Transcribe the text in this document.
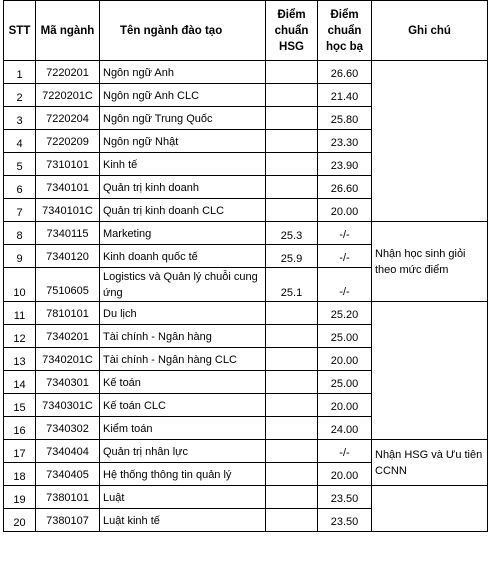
STT	Mã ngành	Tên ngành đào tạo	Điểm chuẩn HSG	Điểm chuẩn học bạ	Ghi chú
1	7220201	Ngôn ngữ Anh		26.60	
2	7220201C	Ngôn ngữ Anh CLC		21.40	
3	7220204	Ngôn ngữ Trung Quốc		25.80	
4	7220209	Ngôn ngữ Nhật		23.30	
5	7310101	Kinh tế		23.90	
6	7340101	Quản trị kinh doanh		26.60	
7	7340101C	Quản trị kinh doanh CLC		20.00	
8	7340115	Marketing	25.3	-/-	Nhận học sinh giỏi theo mức điểm
9	7340120	Kinh doanh quốc tế	25.9	-/-	
10	7510605	Logistics và Quản lý chuỗi cung ứng	25.1	-/-	
11	7810101	Du lịch		25.20	
12	7340201	Tài chính - Ngân hàng		25.00	
13	7340201C	Tài chính - Ngân hàng CLC		20.00	
14	7340301	Kế toán		25.00	
15	7340301C	Kế toán CLC		20.00	
16	7340302	Kiểm toán		24.00	
17	7340404	Quản trị nhân lực		-/-	Nhận HSG và Ưu tiên CCNN
18	7340405	Hệ thống thông tin quản lý		20.00	
19	7380101	Luật		23.50	
20	7380107	Luật kinh tế		23.50	
